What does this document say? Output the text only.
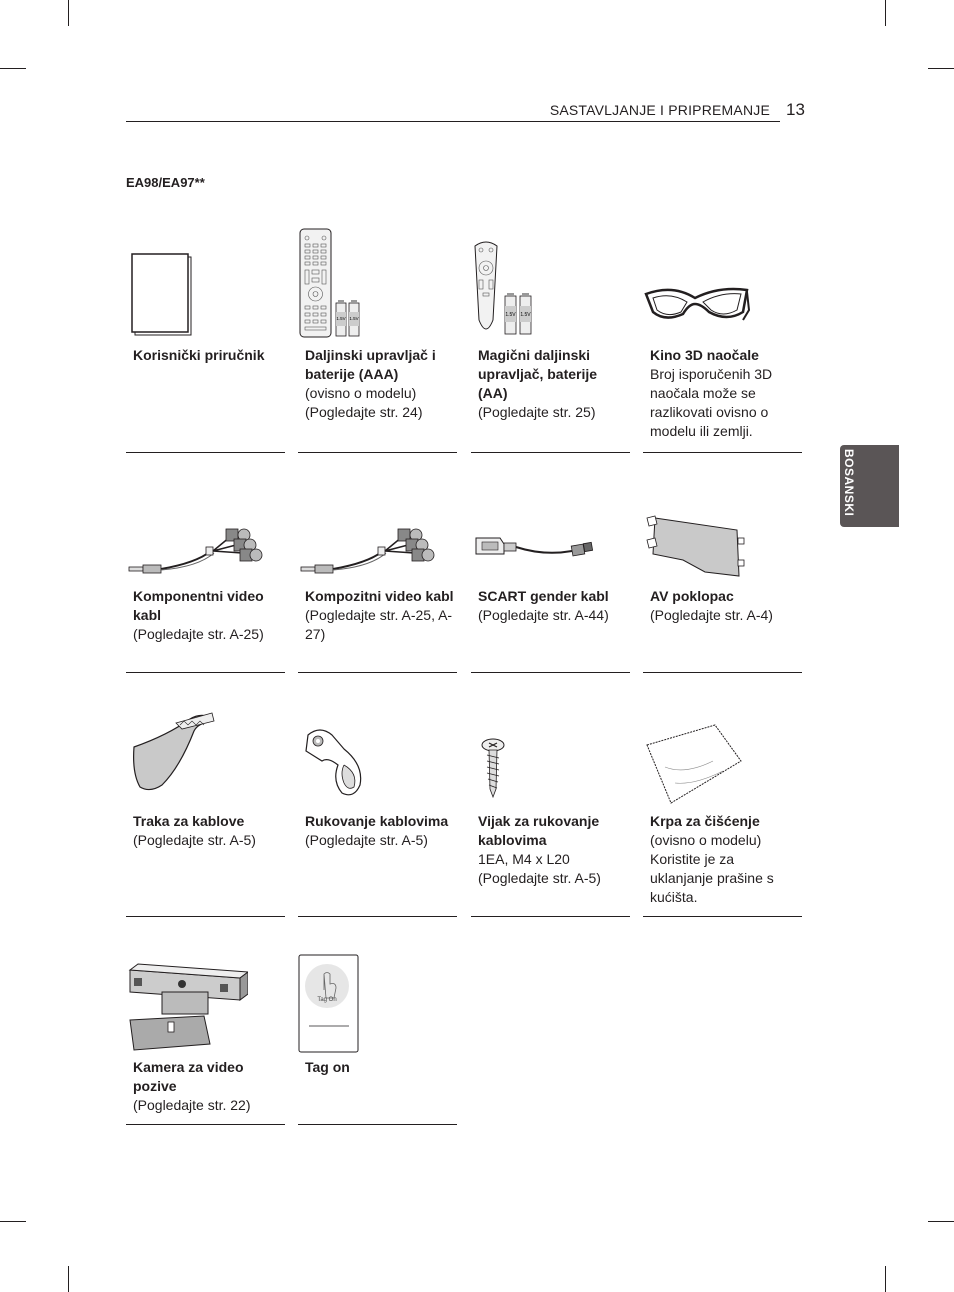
SASTAVLJANJE I PRIPREMANJE 13
EA98/EA97**
BOSANSKI
Korisnički priručnik
1.5V 1.5V
Daljinski upravljač i baterije (AAA)
(ovisno o modelu)
(Pogledajte str. 24)
1.5V 1.5V
Magični daljinski upravljač, baterije (AA)
(Pogledajte str. 25)
Kino 3D naočale
Broj isporučenih 3D naočala može se razlikovati ovisno o modelu ili zemlji.
Komponentni video kabl
(Pogledajte str. A-25)
Kompozitni video kabl
(Pogledajte str. A-25, A-27)
SCART gender kabl
(Pogledajte str. A-44)
AV poklopac
(Pogledajte str. A-4)
Traka za kablove
(Pogledajte str. A-5)
Rukovanje kablovima
(Pogledajte str. A-5)
Vijak za rukovanje kablovima
1EA, M4 x L20
(Pogledajte str. A-5)
Krpa za čišćenje
(ovisno o modelu)
Koristite je za uklanjanje prašine s kućišta.
Kamera za video pozive
(Pogledajte str. 22)
Tag On
Tag on
